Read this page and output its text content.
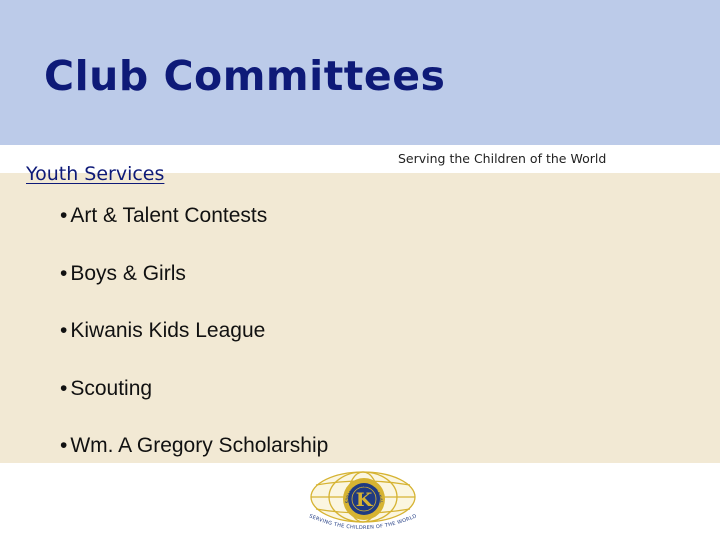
Club Committees
Serving the Children of the World
Youth Services
• Art & Talent Contests
• Boys & Girls
• Kiwanis Kids League
• Scouting
• Wm. A Gregory Scholarship
K
KIWANIS INTERNATIONAL
SERVING THE CHILDREN OF THE WORLD
